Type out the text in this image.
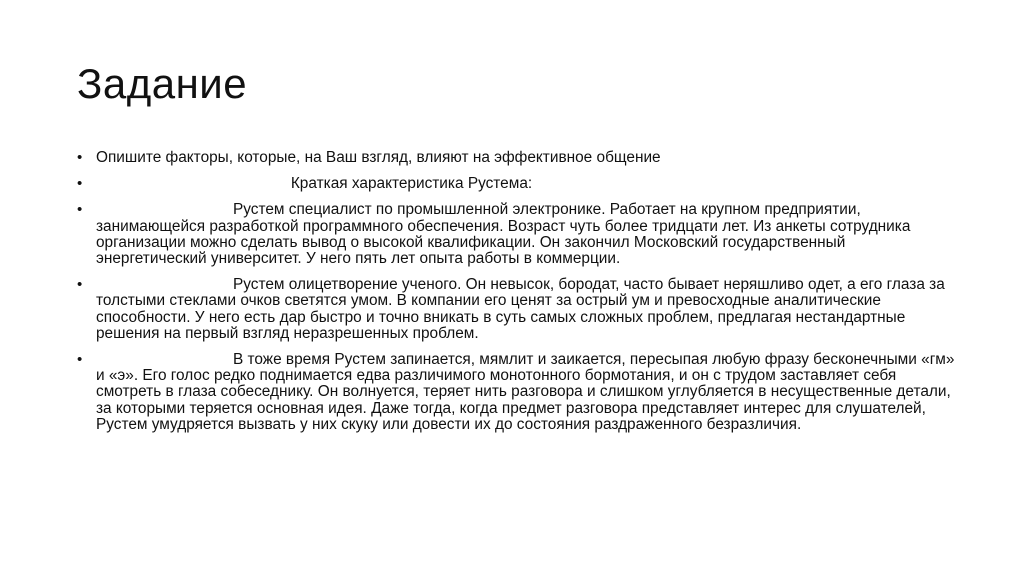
Задание
• Опишите факторы, которые, на Ваш взгляд, влияют на эффективное общение
•	Краткая характеристика Рустема:
•	Рустем специалист по промышленной электронике. Работает на крупном предприятии, занимающейся разработкой программного обеспечения. Возраст чуть более тридцати лет. Из анкеты сотрудника организации можно сделать вывод о высокой квалификации. Он закончил Московский государственный энергетический университет. У него пять лет опыта работы в коммерции.
•	Рустем олицетворение ученого. Он невысок, бородат, часто бывает неряшливо одет, а его глаза за толстыми стеклами очков светятся умом. В компании его ценят за острый ум и превосходные аналитические способности. У него есть дар быстро и точно вникать в суть самых сложных проблем, предлагая нестандартные решения на первый взгляд неразрешенных проблем.
•	В тоже время Рустем запинается, мямлит и заикается, пересыпая любую фразу бесконечными «гм» и «э». Его голос редко поднимается едва различимого монотонного бормотания, и он с трудом заставляет себя смотреть в глаза собеседнику. Он волнуется, теряет нить разговора и слишком углубляется в несущественные детали, за которыми теряется основная идея. Даже тогда, когда предмет разговора представляет интерес для слушателей, Рустем умудряется вызвать у них скуку или довести их до состояния раздраженного безразличия.
